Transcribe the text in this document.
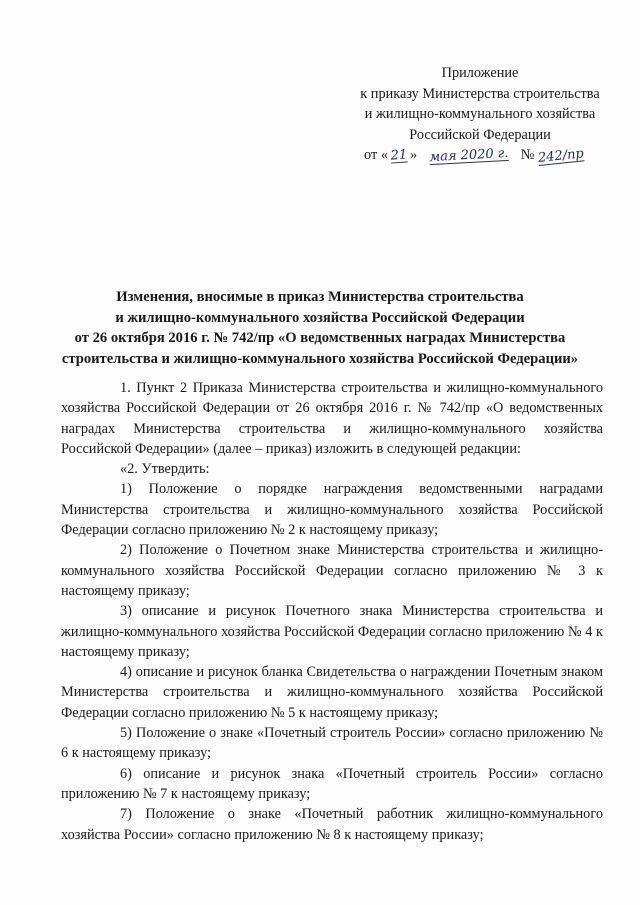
Приложение
к приказу Министерства строительства
и жилищно-коммунального хозяйства
Российской Федерации
от « 21 » мая 2020 г. № 242/пр
Изменения, вносимые в приказ Министерства строительства
и жилищно-коммунального хозяйства Российской Федерации
от 26 октября 2016 г. № 742/пр «О ведомственных наградах Министерства
строительства и жилищно-коммунального хозяйства Российской Федерации»

1. Пункт 2 Приказа Министерства строительства и жилищно-коммунального хозяйства Российской Федерации от 26 октября 2016 г. № 742/пр «О ведомственных наградах Министерства строительства и жилищно-коммунального хозяйства Российской Федерации» (далее – приказ) изложить в следующей редакции:

«2. Утвердить:

1) Положение о порядке награждения ведомственными наградами Министерства строительства и жилищно-коммунального хозяйства Российской Федерации согласно приложению № 2 к настоящему приказу;

2) Положение о Почетном знаке Министерства строительства и жилищно-коммунального хозяйства Российской Федерации согласно приложению № 3 к настоящему приказу;

3) описание и рисунок Почетного знака Министерства строительства и жилищно-коммунального хозяйства Российской Федерации согласно приложению № 4 к настоящему приказу;

4) описание и рисунок бланка Свидетельства о награждении Почетным знаком Министерства строительства и жилищно-коммунального хозяйства Российской Федерации согласно приложению № 5 к настоящему приказу;

5) Положение о знаке «Почетный строитель России» согласно приложению № 6 к настоящему приказу;

6) описание и рисунок знака «Почетный строитель России» согласно приложению № 7 к настоящему приказу;

7) Положение о знаке «Почетный работник жилищно-коммунального хозяйства России» согласно приложению № 8 к настоящему приказу;
